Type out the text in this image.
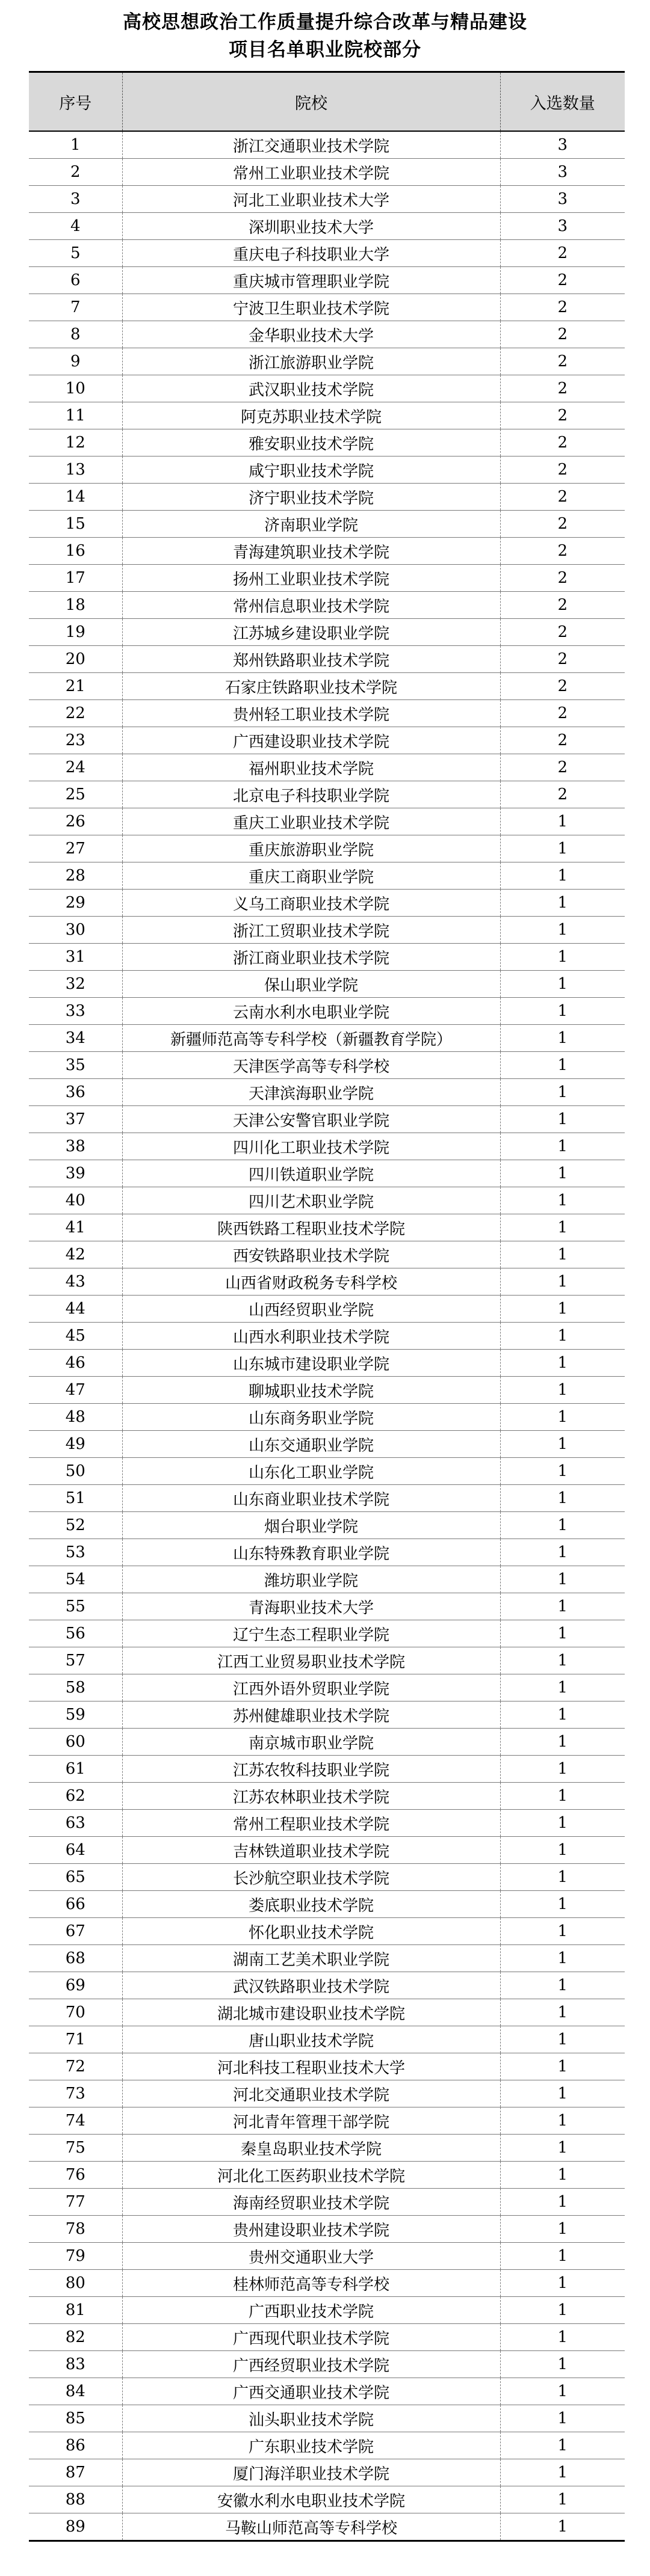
高校思想政治工作质量提升综合改革与精品建设
项目名单职业院校部分
序号	院校	入选数量
1	浙江交通职业技术学院	3
2	常州工业职业技术学院	3
3	河北工业职业技术大学	3
4	深圳职业技术大学	3
5	重庆电子科技职业大学	2
6	重庆城市管理职业学院	2
7	宁波卫生职业技术学院	2
8	金华职业技术大学	2
9	浙江旅游职业学院	2
10	武汉职业技术学院	2
11	阿克苏职业技术学院	2
12	雅安职业技术学院	2
13	咸宁职业技术学院	2
14	济宁职业技术学院	2
15	济南职业学院	2
16	青海建筑职业技术学院	2
17	扬州工业职业技术学院	2
18	常州信息职业技术学院	2
19	江苏城乡建设职业学院	2
20	郑州铁路职业技术学院	2
21	石家庄铁路职业技术学院	2
22	贵州轻工职业技术学院	2
23	广西建设职业技术学院	2
24	福州职业技术学院	2
25	北京电子科技职业学院	2
26	重庆工业职业技术学院	1
27	重庆旅游职业学院	1
28	重庆工商职业学院	1
29	义乌工商职业技术学院	1
30	浙江工贸职业技术学院	1
31	浙江商业职业技术学院	1
32	保山职业学院	1
33	云南水利水电职业学院	1
34	新疆师范高等专科学校（新疆教育学院）	1
35	天津医学高等专科学校	1
36	天津滨海职业学院	1
37	天津公安警官职业学院	1
38	四川化工职业技术学院	1
39	四川铁道职业学院	1
40	四川艺术职业学院	1
41	陕西铁路工程职业技术学院	1
42	西安铁路职业技术学院	1
43	山西省财政税务专科学校	1
44	山西经贸职业学院	1
45	山西水利职业技术学院	1
46	山东城市建设职业学院	1
47	聊城职业技术学院	1
48	山东商务职业学院	1
49	山东交通职业学院	1
50	山东化工职业学院	1
51	山东商业职业技术学院	1
52	烟台职业学院	1
53	山东特殊教育职业学院	1
54	潍坊职业学院	1
55	青海职业技术大学	1
56	辽宁生态工程职业学院	1
57	江西工业贸易职业技术学院	1
58	江西外语外贸职业学院	1
59	苏州健雄职业技术学院	1
60	南京城市职业学院	1
61	江苏农牧科技职业学院	1
62	江苏农林职业技术学院	1
63	常州工程职业技术学院	1
64	吉林铁道职业技术学院	1
65	长沙航空职业技术学院	1
66	娄底职业技术学院	1
67	怀化职业技术学院	1
68	湖南工艺美术职业学院	1
69	武汉铁路职业技术学院	1
70	湖北城市建设职业技术学院	1
71	唐山职业技术学院	1
72	河北科技工程职业技术大学	1
73	河北交通职业技术学院	1
74	河北青年管理干部学院	1
75	秦皇岛职业技术学院	1
76	河北化工医药职业技术学院	1
77	海南经贸职业技术学院	1
78	贵州建设职业技术学院	1
79	贵州交通职业大学	1
80	桂林师范高等专科学校	1
81	广西职业技术学院	1
82	广西现代职业技术学院	1
83	广西经贸职业技术学院	1
84	广西交通职业技术学院	1
85	汕头职业技术学院	1
86	广东职业技术学院	1
87	厦门海洋职业技术学院	1
88	安徽水利水电职业技术学院	1
89	马鞍山师范高等专科学校	1
